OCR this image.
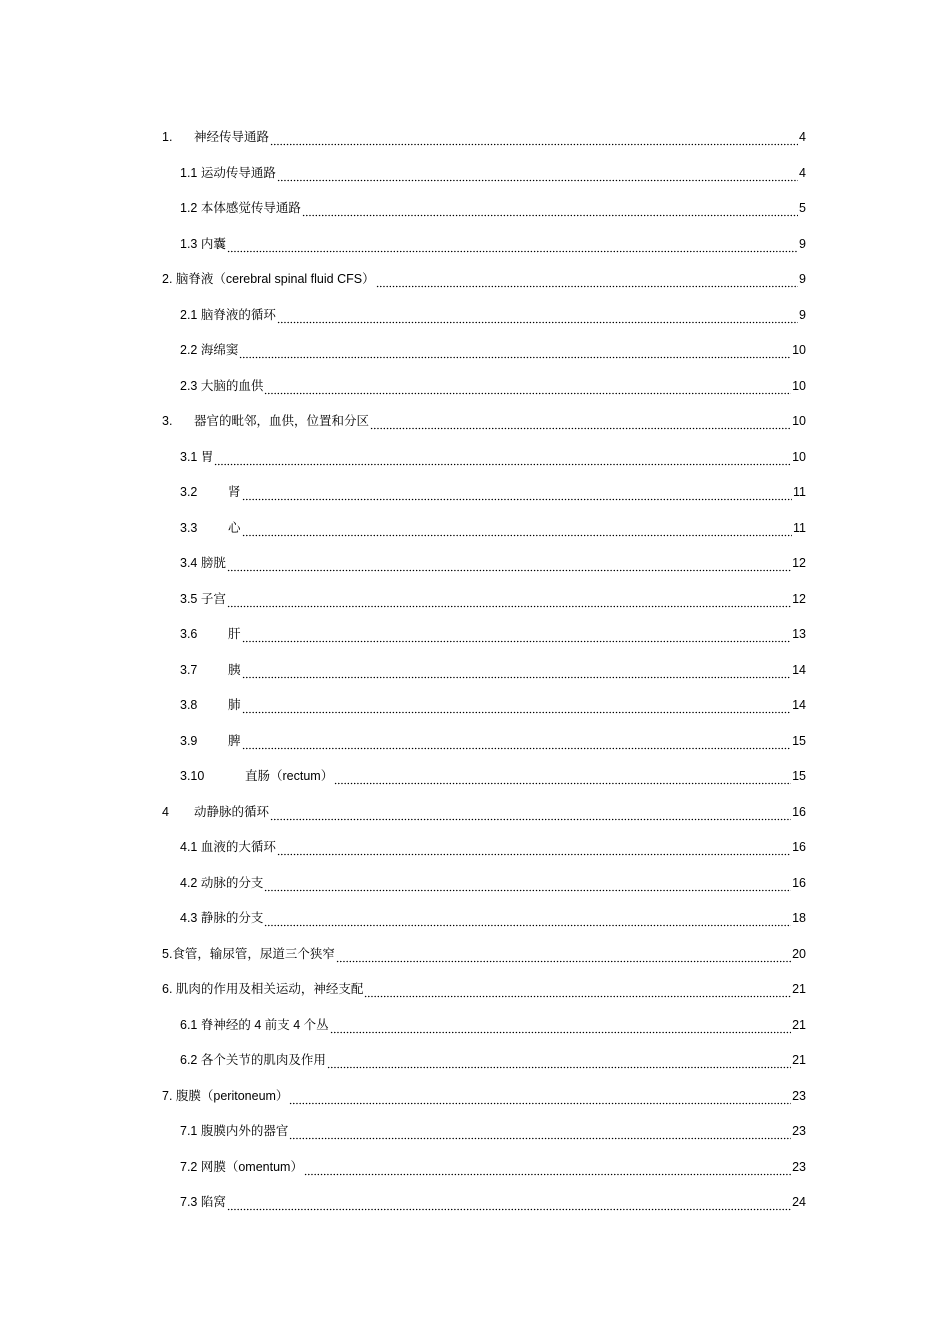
1.	神经传导通路	4
1.1 运动传导通路	4
1.2 本体感觉传导通路	5
1.3 内囊	9
2. 脑脊液（cerebral spinal fluid CFS）	9
2.1 脑脊液的循环	9
2.2 海绵窦	10
2.3 大脑的血供	10
3.	器官的毗邻，血供，位置和分区	10
3.1 胃	10
3.2	肾	11
3.3	心	11
3.4 膀胱	12
3.5 子宫	12
3.6	肝	13
3.7	胰	14
3.8	肺	14
3.9	脾	15
3.10	直肠（rectum）	15
4	动静脉的循环	16
4.1 血液的大循环	16
4.2 动脉的分支	16
4.3 静脉的分支	18
5.食管，输尿管，尿道三个狭窄	20
6. 肌肉的作用及相关运动，神经支配	21
6.1 脊神经的 4 前支 4 个丛	21
6.2 各个关节的肌肉及作用	21
7. 腹膜（peritoneum）	23
7.1 腹膜内外的器官	23
7.2 网膜（omentum）	23
7.3 陷窝	24
